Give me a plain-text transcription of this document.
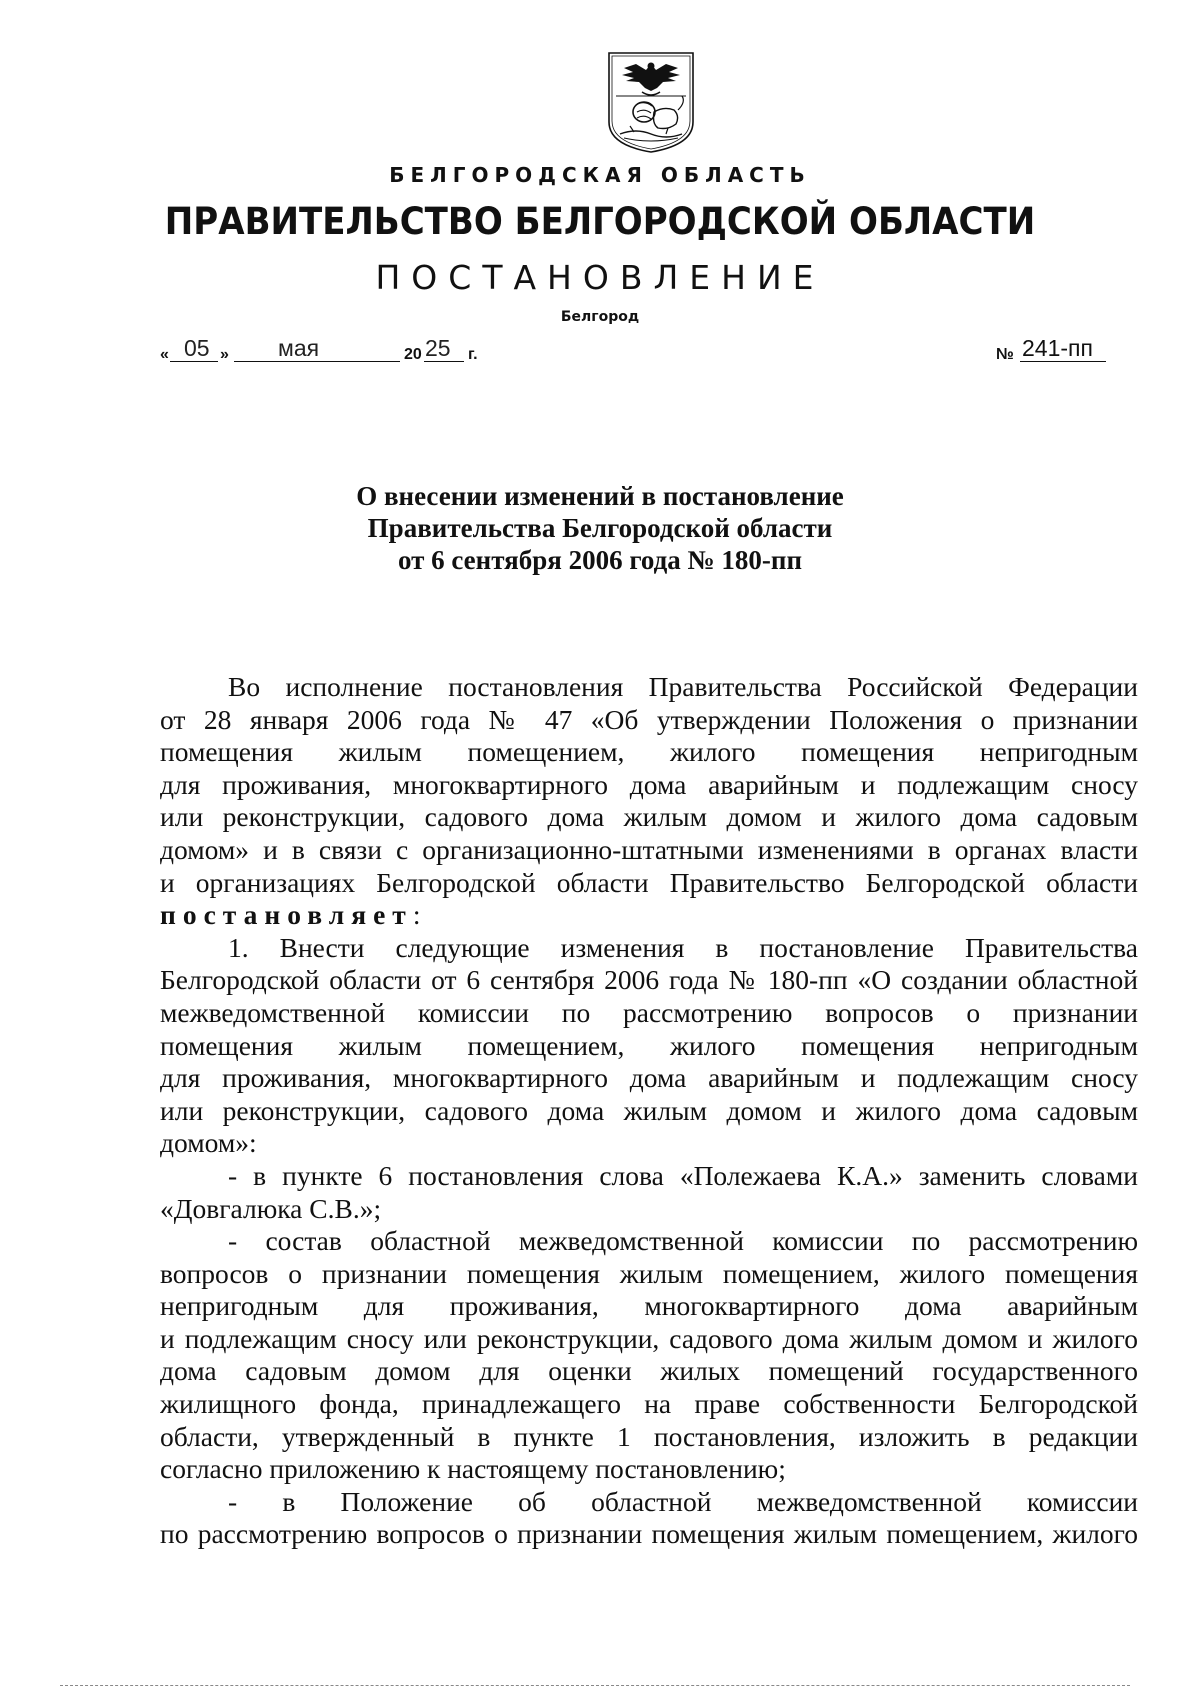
БЕЛГОРОДСКАЯ ОБЛАСТЬ
ПРАВИТЕЛЬСТВО БЕЛГОРОДСКОЙ ОБЛАСТИ
ПОСТАНОВЛЕНИЕ
Белгород
« 05 » мая	20 25 г.	№ 241-пп
О внесении изменений в постановление
Правительства Белгородской области
от 6 сентября 2006 года № 180-пп
Во исполнение постановления Правительства Российской Федерации
от 28 января 2006 года № 47 «Об утверждении Положения о признании
помещения жилым помещением, жилого помещения непригодным
для проживания, многоквартирного дома аварийным и подлежащим сносу
или реконструкции, садового дома жилым домом и жилого дома садовым
домом» и в связи с организационно-штатными изменениями в органах власти
и организациях Белгородской области Правительство Белгородской области
постановляет:
1. Внести следующие изменения в постановление Правительства
Белгородской области от 6 сентября 2006 года № 180-пп «О создании областной
межведомственной комиссии по рассмотрению вопросов о признании
помещения жилым помещением, жилого помещения непригодным
для проживания, многоквартирного дома аварийным и подлежащим сносу
или реконструкции, садового дома жилым домом и жилого дома садовым
домом»:
- в пункте 6 постановления слова «Полежаева К.А.» заменить словами
«Довгалюка С.В.»;
- состав областной межведомственной комиссии по рассмотрению
вопросов о признании помещения жилым помещением, жилого помещения
непригодным для проживания, многоквартирного дома аварийным
и подлежащим сносу или реконструкции, садового дома жилым домом и жилого
дома садовым домом для оценки жилых помещений государственного
жилищного фонда, принадлежащего на праве собственности Белгородской
области, утвержденный в пункте 1 постановления, изложить в редакции
согласно приложению к настоящему постановлению;
- в Положение об областной межведомственной комиссии
по рассмотрению вопросов о признании помещения жилым помещением, жилого
